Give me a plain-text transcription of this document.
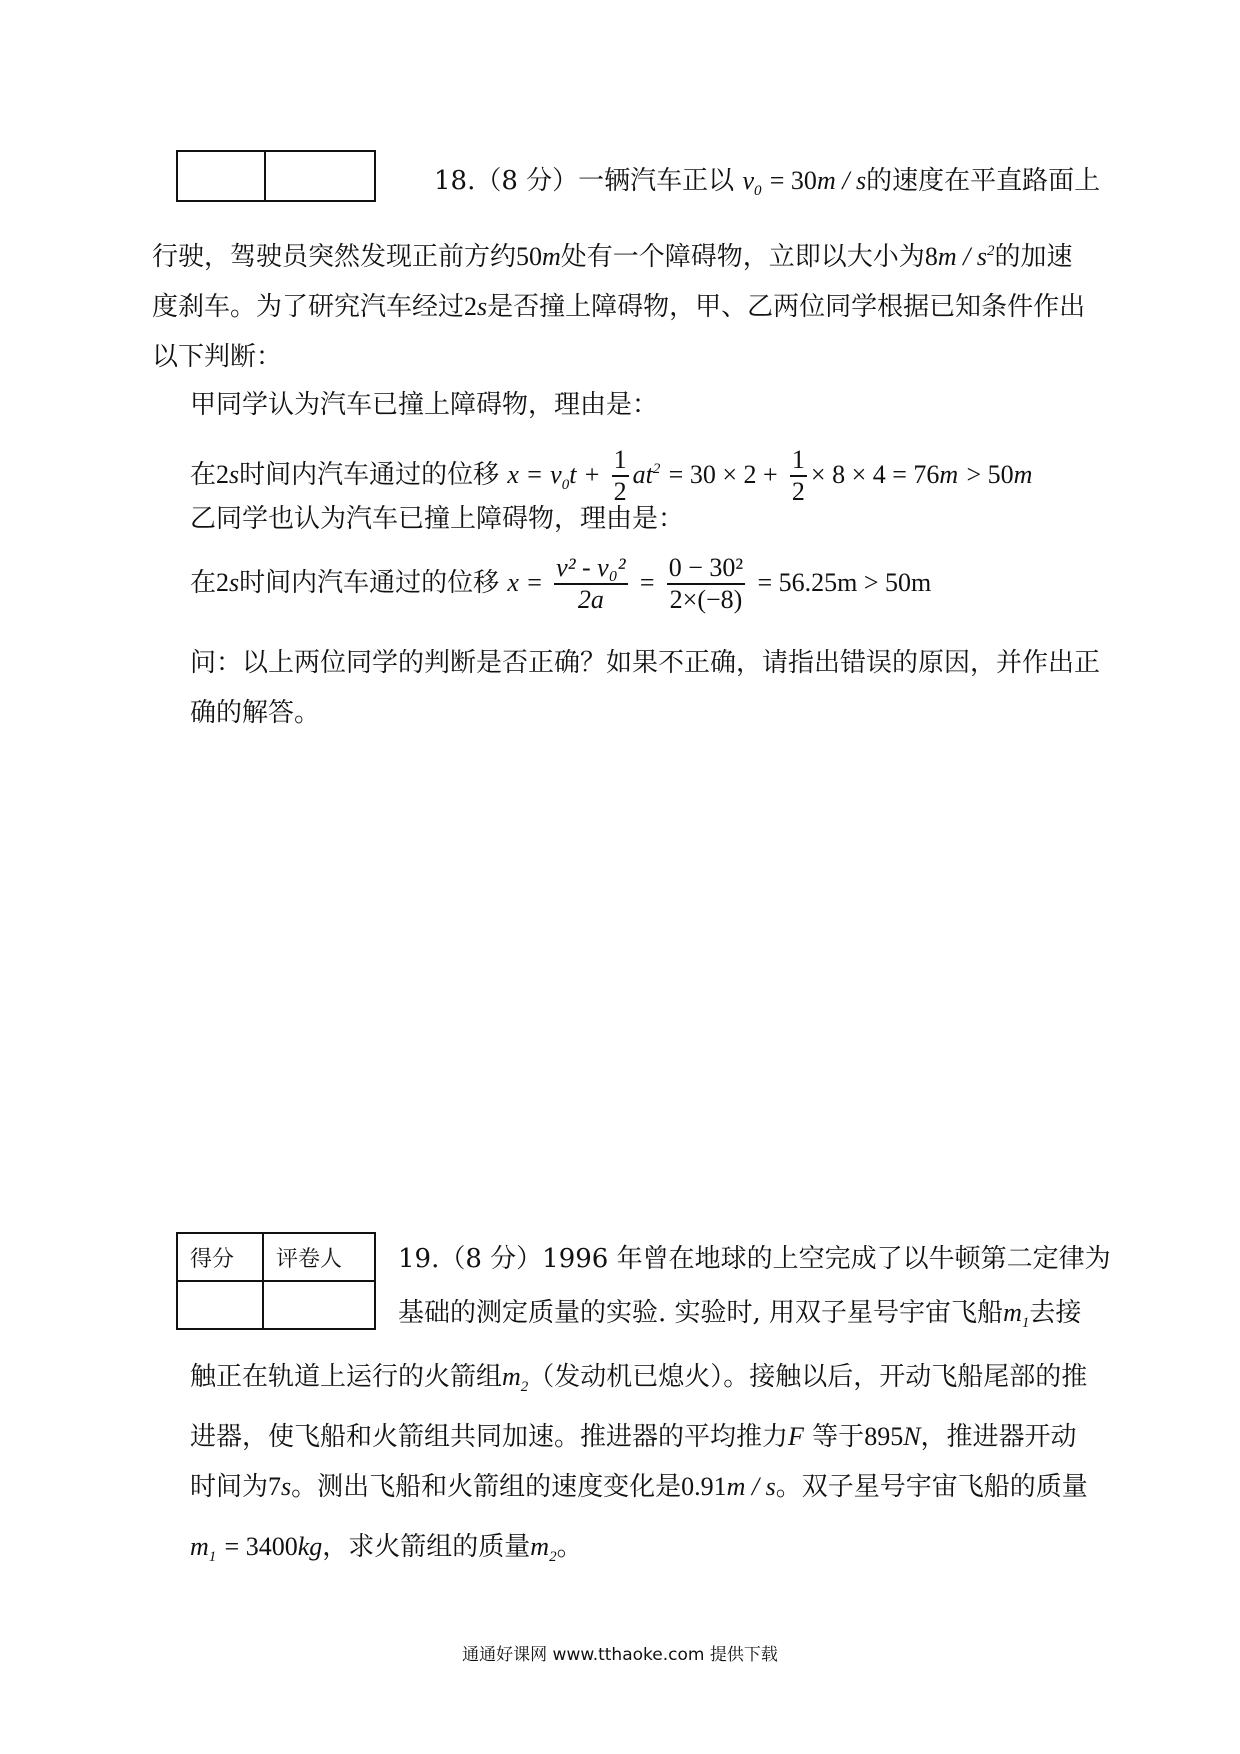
18.（8 分）一辆汽车正以 $v_0 = 30m / s$的速度在平直路面上
行驶，驾驶员突然发现正前方约50m处有一个障碍物，立即以大小为$8m / s^2$的加速
度刹车。为了研究汽车经过2s是否撞上障碍物，甲、乙两位同学根据已知条件作出
以下判断：
甲同学认为汽车已撞上障碍物，理由是：
在2s时间内汽车通过的位移 $x = v_0t + \frac{1}{2} at^2 = 30 \times 2 + \frac{1}{2} \times 8 \times 4 = 76m > 50m$
乙同学也认为汽车已撞上障碍物，理由是：
在2s时间内汽车通过的位移 $x = \frac{\text{v² - v₀²}}{2a} = \frac{\text{0 − 30²}}{2\times(-8)} = 56.25m > 50m$
问：以上两位同学的判断是否正确？如果不正确，请指出错误的原因，并作出正
确的解答。
得分	评卷人
	19.（8 分）1996 年曾在地球的上空完成了以牛顿第二定律为
基础的测定质量的实验. 实验时, 用双子星号宇宙飞船$m_1$去接
触正在轨道上运行的火箭组$m_2$（发动机已熄火）。接触以后，开动飞船尾部的推
进器，使飞船和火箭组共同加速。推进器的平均推力F 等于895N，推进器开动
时间为7s。测出飞船和火箭组的速度变化是0.91m / s。双子星号宇宙飞船的质量
$m_1 = 3400kg$，求火箭组的质量$m_2$。
通通好课网 www.tthaoke.com 提供下载
